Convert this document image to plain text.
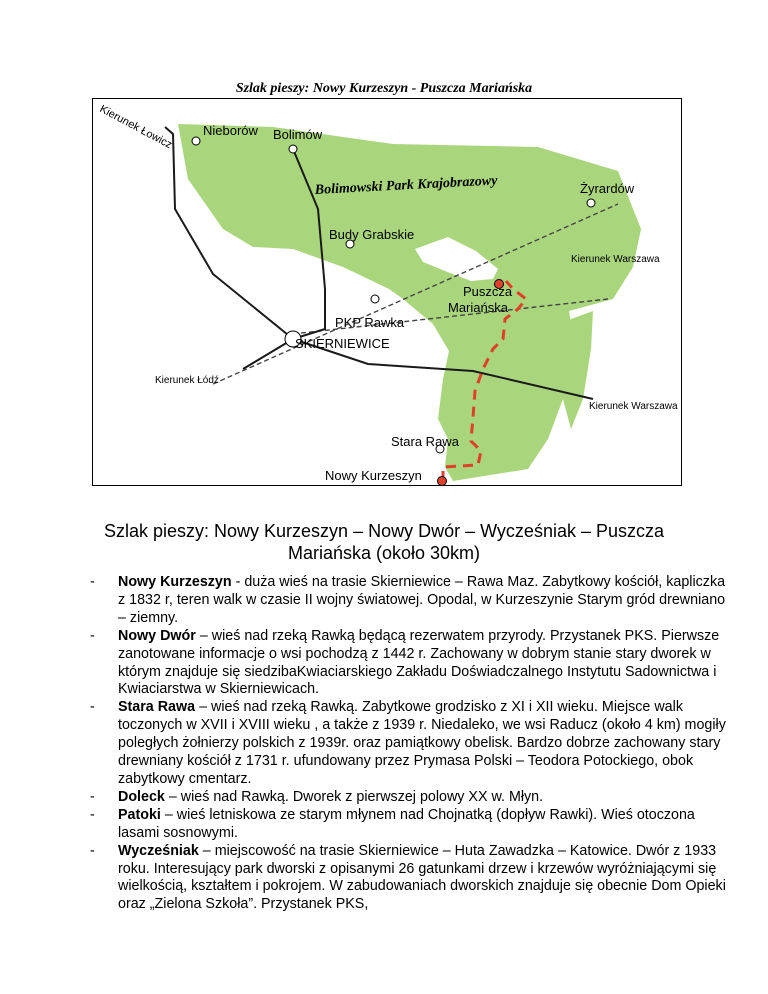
Szlak pieszy: Nowy Kurzeszyn - Puszcza Mariańska
Kierunek Łowicz Nieborów Bolimów
Bolimowski Park Krajobrazowy	Żyrardów
Budy Grabskie
Kierunek Warszawa
Puszcza
Mariańska
PKP Rawka
SKIERNIEWICE
Kierunek Łódź
Kierunek Warszawa
Stara Rawa
Nowy Kurzeszyn
Szlak pieszy: Nowy Kurzeszyn – Nowy Dwór – Wycześniak – Puszcza Mariańska (około 30km)
- Nowy Kurzeszyn - duża wieś na trasie Skierniewice – Rawa Maz. Zabytkowy kościół, kapliczka z 1832 r, teren walk w czasie II wojny światowej. Opodal, w Kurzeszynie Starym gród drewniano – ziemny.
- Nowy Dwór – wieś nad rzeką Rawką będącą rezerwatem przyrody. Przystanek PKS. Pierwsze zanotowane informacje o wsi pochodzą z 1442 r. Zachowany w dobrym stanie stary dworek w którym znajduje się siedzibaKwiaciarskiego Zakładu Doświadczalnego Instytutu Sadownictwa i Kwiaciarstwa w Skierniewicach.
- Stara Rawa – wieś nad rzeką Rawką. Zabytkowe grodzisko z XI i XII wieku. Miejsce walk toczonych w XVII i XVIII wieku , a także z 1939 r. Niedaleko, we wsi Raducz (około 4 km) mogiły poległych żołnierzy polskich z 1939r. oraz pamiątkowy obelisk. Bardzo dobrze zachowany stary drewniany kościół z 1731 r. ufundowany przez Prymasa Polski – Teodora Potockiego, obok zabytkowy cmentarz.
- Doleck – wieś nad Rawką. Dworek z pierwszej polowy XX w. Młyn.
- Patoki – wieś letniskowa ze starym młynem nad Chojnatką (dopływ Rawki). Wieś otoczona lasami sosnowymi.
- Wycześniak – miejscowość na trasie Skierniewice – Huta Zawadzka – Katowice. Dwór z 1933 roku. Interesujący park dworski z opisanymi 26 gatunkami drzew i krzewów wyróżniającymi się wielkością, kształtem i pokrojem. W zabudowaniach dworskich znajduje się obecnie Dom Opieki oraz „Zielona Szkoła”. Przystanek PKS,
